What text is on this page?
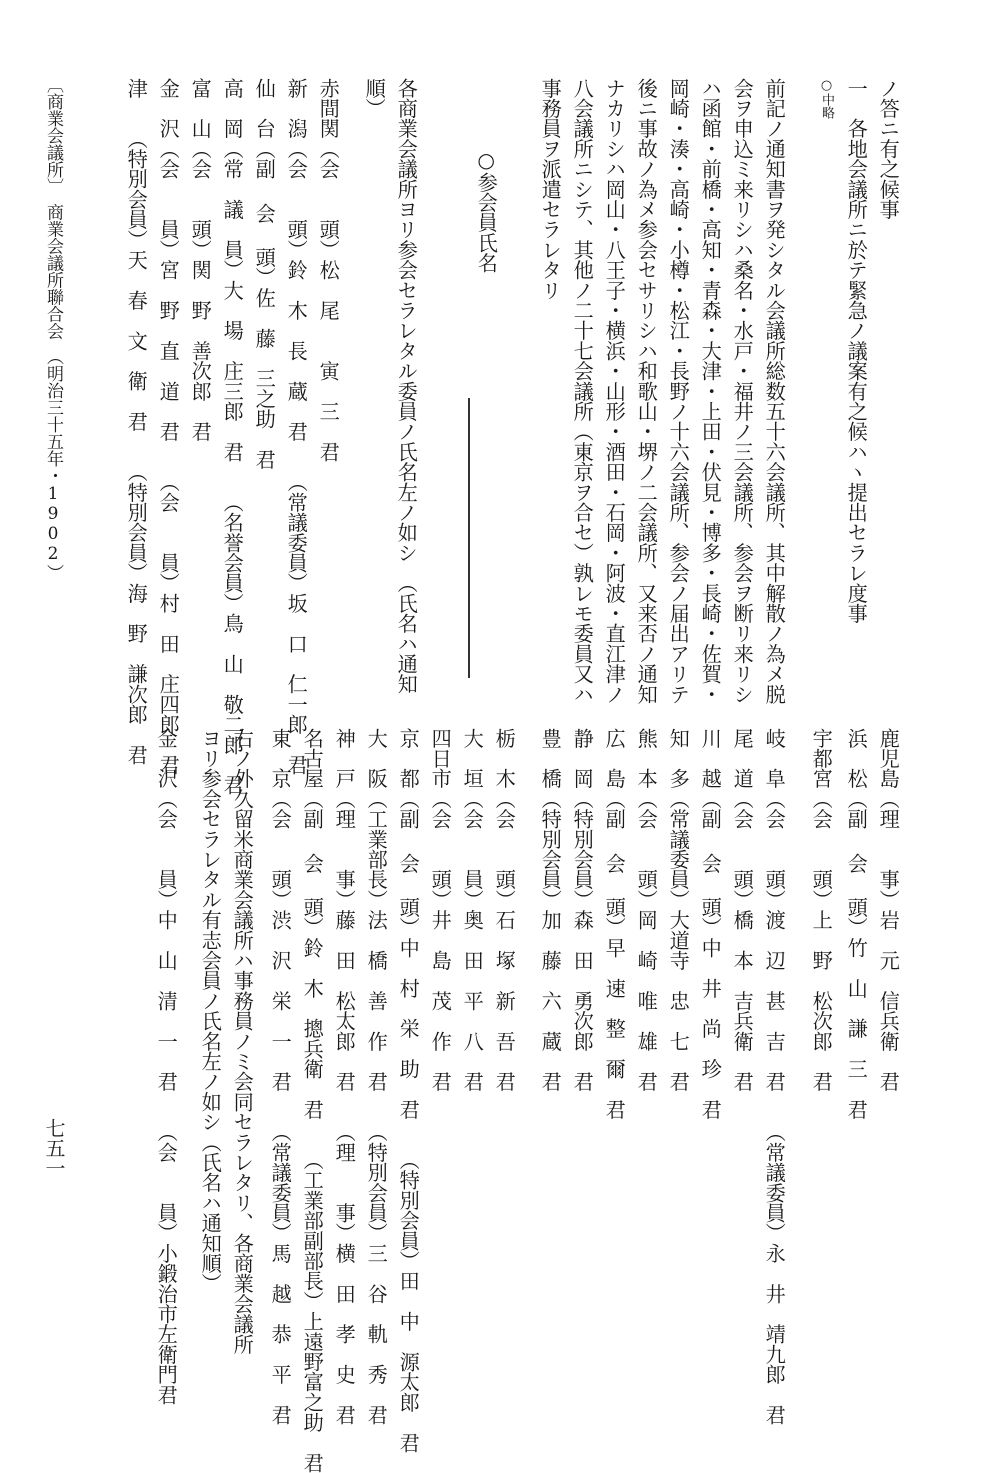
ノ答ニ有之候事
一　各地会議所ニ於テ緊急ノ議案有之候ハヽ提出セラレ度事
○中略
前記ノ通知書ヲ発シタル会議所総数五十六会議所、其中解散ノ為メ脱
会ヲ申込ミ来リシハ桑名・水戸・福井ノ三会議所、参会ヲ断リ来リシ
ハ函館・前橋・高知・青森・大津・上田・伏見・博多・長崎・佐賀・
岡崎・湊・高崎・小樽・松江・長野ノ十六会議所、参会ノ届出アリテ
後ニ事故ノ為メ参会セサリシハ和歌山・堺ノ二会議所、又来否ノ通知
ナカリシハ岡山・八王子・横浜・山形・酒田・石岡・阿波・直江津ノ
八会議所ニシテ、其他ノ二十七会議所（東京ヲ合セ）孰レモ委員又ハ
事務員ヲ派遣セラレタリ
○参会員氏名
各商業会議所ヨリ参会セラレタル委員ノ氏名左ノ如シ　（氏名ハ通知
順）
赤間関（会　　頭）松　尾　　寅　三　君
新　潟（会　　頭）鈴　木　長　蔵　君　　（常議委員）坂　口　仁一郎　君
仙　台（副 会 頭）佐　藤　三之助　君
高　岡（常　議　員）大　場　庄三郎　君　　（名誉会員）鳥　山　敬二郎　君
富　山（会　　頭）関　野　善次郎　君
金　沢（会　　員）宮　野　直　道　君　　（会　　員）村　田　庄四郎　君
津　　（特別会員）天　春　文　衛　君　　（特別会員）海　野　謙次郎　君
〔商業会議所〕　商業会議所聯合会　（明治三十五年・1902）
鹿児島（理　　事）岩　元　信兵衛　君
浜　松（副 会 頭）竹　山　謙　三　君
宇都宮（会　　頭）上　野　松次郎　君
岐　阜（会　　頭）渡　辺　甚　吉　君　　（常議委員）永　井　靖九郎　君
尾　道（会　　頭）橋　本　吉兵衛　君
川　越（副 会 頭）中　井　尚　珍　君
知　多（常議委員）大道寺　忠　七　君
熊　本（会　　頭）岡　崎　唯　雄　君
広　島（副 会 頭）早　速　整　爾　君
静　岡（特別会員）森　田　勇次郎　君
豊　橋（特別会員）加　藤　六　蔵　君
栃　木（会　　頭）石　塚　新　吾　君
大　垣（会　　員）奥　田　平　八　君
四日市（会　　頭）井　島　茂　作　君
京　都（副 会 頭）中　村　栄　助　君　　（特別会員）田　中　源太郎　君
大　阪（工業部長）法　橋　善　作　君　　（特別会員）三　谷　軌　秀　君
神　戸（理　　事）藤　田　松太郎　君　　（理　　事）横　田　孝　史　君
名古屋（副 会 頭）鈴　木　摠兵衛　君　　（工業部副部長）上遠野富之助　君
東　京（会　　頭）渋　沢　栄　一　君　　（常議委員）馬　越　恭　平　君
右ノ外久留米商業会議所ハ事務員ノミ会同セラレタリ、各商業会議所
ヨリ参会セラレタル有志会員ノ氏名左ノ如シ（氏名ハ通知順）
金　沢（会　　員）中　山　清　一　君　　（会　　員）小鍛治市左衛門君
七五一
